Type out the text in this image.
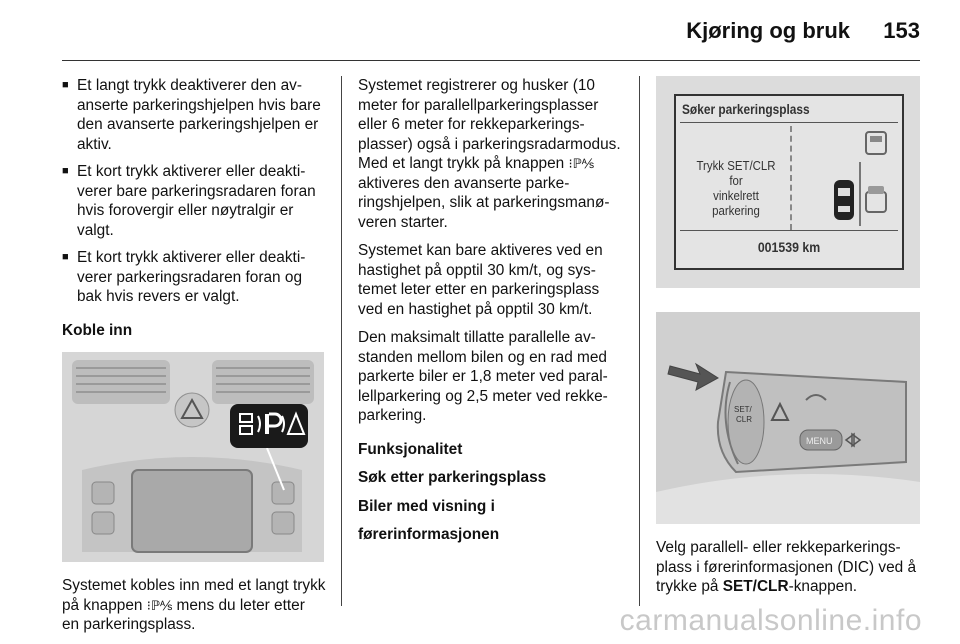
Kjøring og bruk 153
■ Et langt trykk deaktiverer den avanserte parkeringshjelpen hvis bare den avanserte parkeringshjelpen er aktiv.
■ Et kort trykk aktiverer eller deaktiverer bare parkeringsradaren foran hvis forovergir eller nøytralgir er valgt.
■ Et kort trykk aktiverer eller deaktiverer parkeringsradaren foran og bak hvis revers er valgt.

Koble inn

Systemet kobles inn med et langt trykk på knappen ⁝ℙ⅍ mens du leter etter en parkeringsplass.

Systemet registrerer og husker (10 meter for parallellparkeringsplasser eller 6 meter for rekkeparkeringsplasser) også i parkeringsradarmodus. Med et langt trykk på knappen ⁝ℙ⅍ aktiveres den avanserte parkeringshjelpen, slik at parkeringsmanøveren starter.

Systemet kan bare aktiveres ved en hastighet på opptil 30 km/t, og systemet leter etter en parkeringsplass ved en hastighet på opptil 30 km/t.

Den maksimalt tillatte parallelle avstanden mellom bilen og en rad med parkerte biler er 1,8 meter ved parallellparkering og 2,5 meter ved rekkeparkering.

Funksjonalitet

Søk etter parkeringsplass

Biler med visning i

førerinformasjonen

Søker parkeringsplass
Trykk SET/CLR for
vinkelrett parkering
001539 km
SET/
CLR
MENU

Velg parallell- eller rekkeparkeringsplass i førerinformasjonen (DIC) ved å trykke på SET/CLR-knappen.

carmanualsonline.info
